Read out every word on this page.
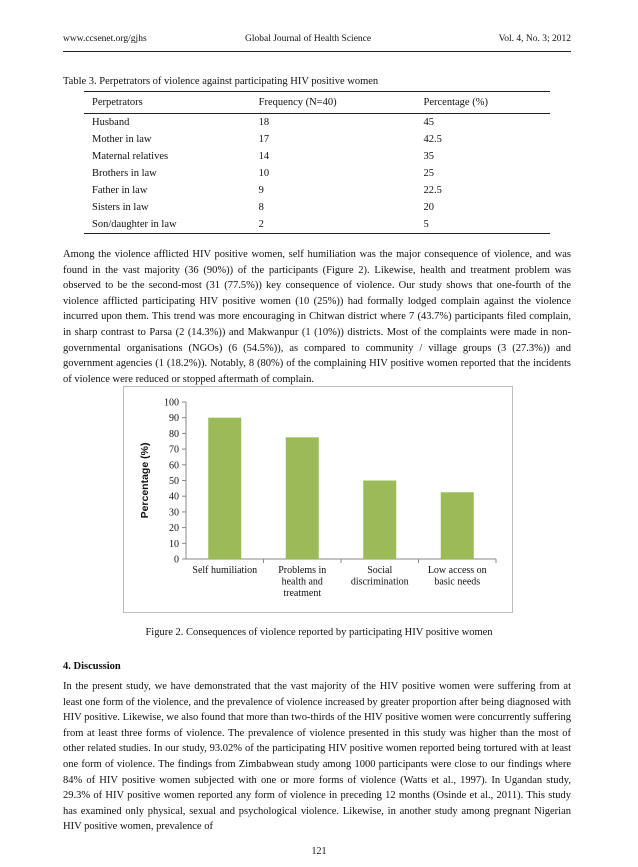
www.ccsenet.org/gjhs	Global Journal of Health Science	Vol. 4, No. 3; 2012
Table 3. Perpetrators of violence against participating HIV positive women
Perpetrators	Frequency (N=40)	Percentage (%)
Husband	18	45
Mother in law	17	42.5
Maternal relatives	14	35
Brothers in law	10	25
Father in law	9	22.5
Sisters in law	8	20
Son/daughter in law	2	5

Among the violence afflicted HIV positive women, self humiliation was the major consequence of violence, and was found in the vast majority (36 (90%)) of the participants (Figure 2). Likewise, health and treatment problem was observed to be the second-most (31 (77.5%)) key consequence of violence. Our study shows that one-fourth of the violence afflicted participating HIV positive women (10 (25%)) had formally lodged complain against the violence incurred upon them. This trend was more encouraging in Chitwan district where 7 (43.7%) participants filed complain, in sharp contrast to Parsa (2 (14.3%)) and Makwanpur (1 (10%)) districts. Most of the complaints were made in non-governmental organisations (NGOs) (6 (54.5%)), as compared to community / village groups (3 (27.3%)) and government agencies (1 (18.2%)). Notably, 8 (80%) of the complaining HIV positive women reported that the incidents of violence were reduced or stopped aftermath of complain.

0
10
20
30
40
50
60
70
80
90
100
Percentage (%)
Self humiliation Problems in
health and
treatment
Social
discrimination
Low access on
basic needs
Figure 2. Consequences of violence reported by participating HIV positive women
4. Discussion

In the present study, we have demonstrated that the vast majority of the HIV positive women were suffering from at least one form of the violence, and the prevalence of violence increased by greater proportion after being diagnosed with HIV positive. Likewise, we also found that more than two-thirds of the HIV positive women were concurrently suffering from at least three forms of violence. The prevalence of violence presented in this study was higher than the most of other related studies. In our study, 93.02% of the participating HIV positive women reported being tortured with at least one form of violence. The findings from Zimbabwean study among 1000 participants were close to our findings where 84% of HIV positive women subjected with one or more forms of violence (Watts et al., 1997). In Ugandan study, 29.3% of HIV positive women reported any form of violence in preceding 12 months (Osinde et al., 2011). This study has examined only physical, sexual and psychological violence. Likewise, in another study among pregnant Nigerian HIV positive women, prevalence of

121
